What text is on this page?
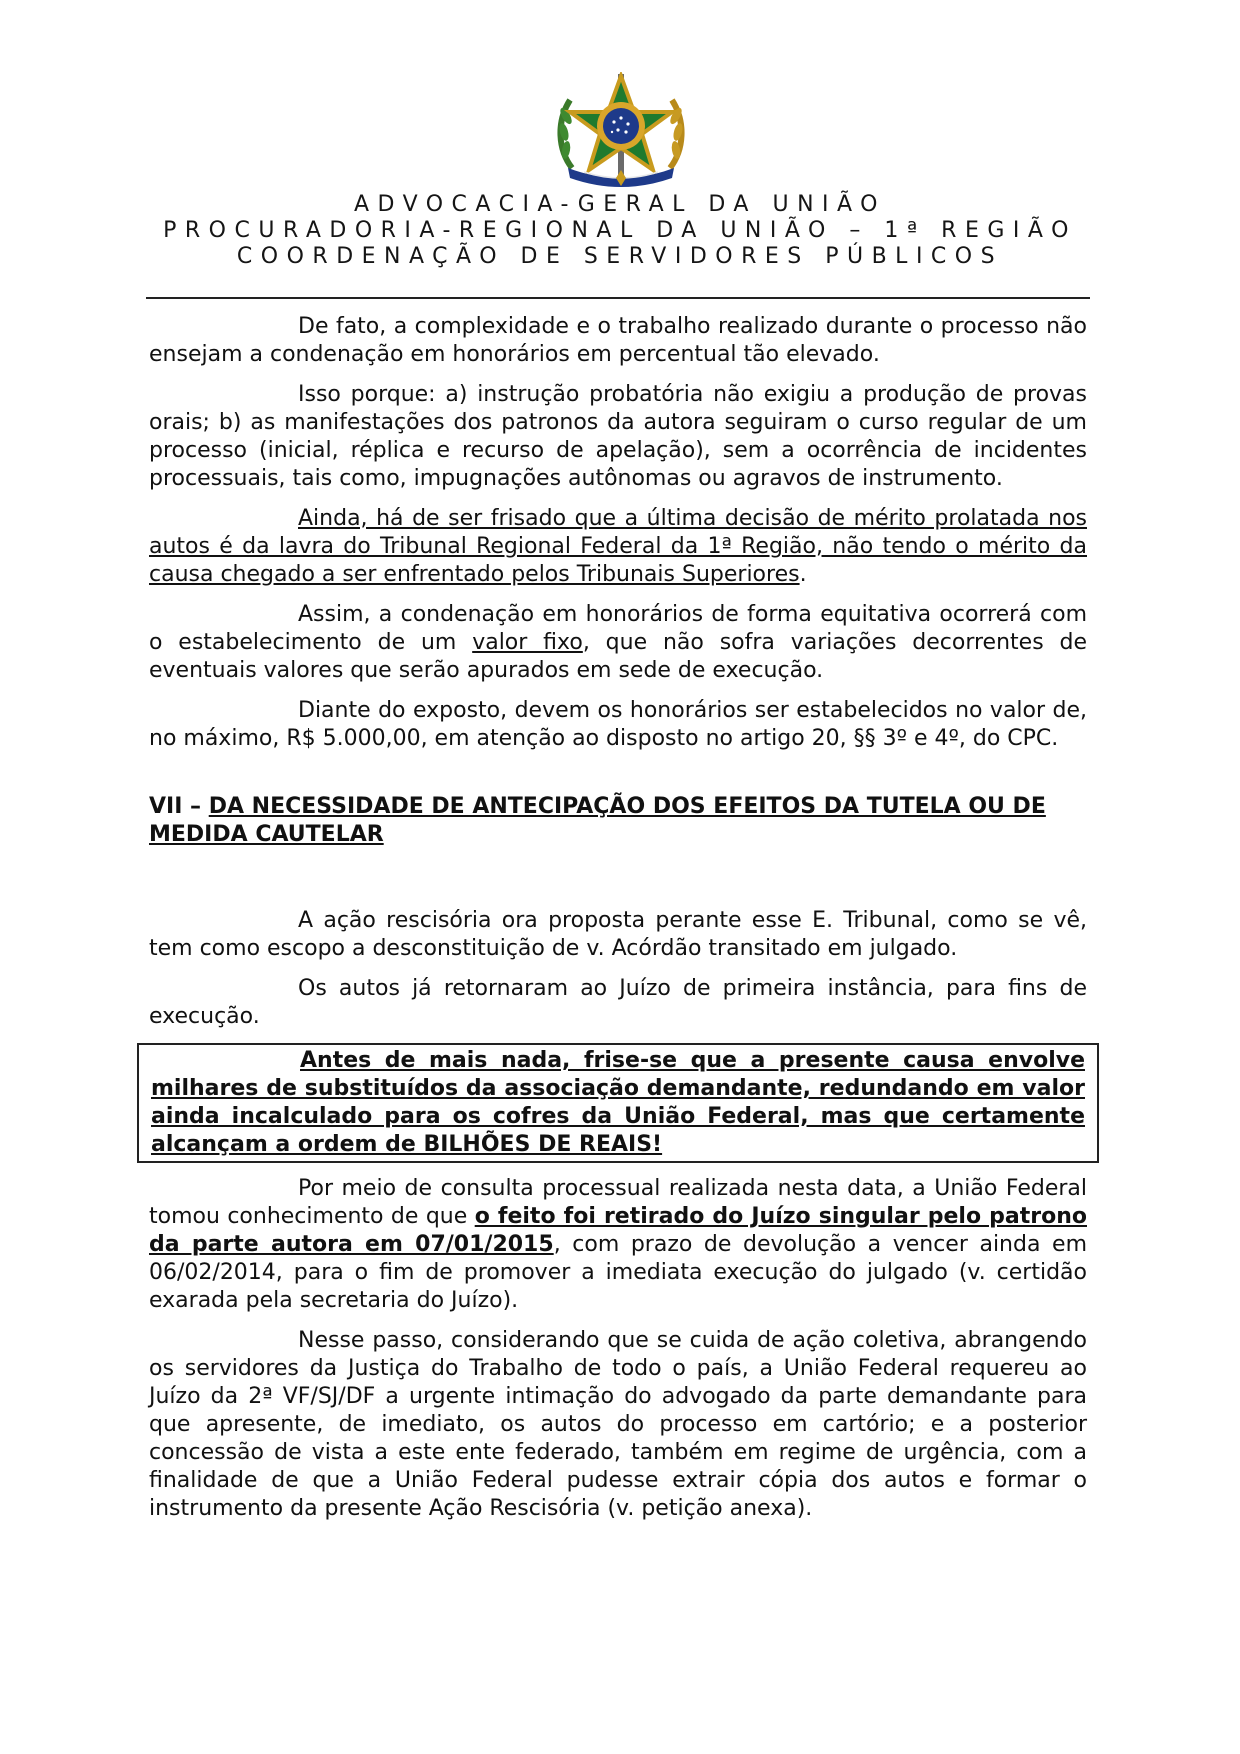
ADVOCACIA-GERAL DA UNIÃO
PROCURADORIA-REGIONAL DA UNIÃO – 1ª REGIÃO
COORDENAÇÃO DE SERVIDORES PÚBLICOS

De fato, a complexidade e o trabalho realizado durante o processo não ensejam a condenação em honorários em percentual tão elevado.

Isso porque: a) instrução probatória não exigiu a produção de provas orais; b) as manifestações dos patronos da autora seguiram o curso regular de um processo (inicial, réplica e recurso de apelação), sem a ocorrência de incidentes processuais, tais como, impugnações autônomas ou agravos de instrumento.

Ainda, há de ser frisado que a última decisão de mérito prolatada nos autos é da lavra do Tribunal Regional Federal da 1ª Região, não tendo o mérito da causa chegado a ser enfrentado pelos Tribunais Superiores.

Assim, a condenação em honorários de forma equitativa ocorrerá com o estabelecimento de um valor fixo, que não sofra variações decorrentes de eventuais valores que serão apurados em sede de execução.

Diante do exposto, devem os honorários ser estabelecidos no valor de, no máximo, R$ 5.000,00, em atenção ao disposto no artigo 20, §§ 3º e 4º, do CPC.

VII – DA NECESSIDADE DE ANTECIPAÇÃO DOS EFEITOS DA TUTELA OU DE MEDIDA CAUTELAR

A ação rescisória ora proposta perante esse E. Tribunal, como se vê, tem como escopo a desconstituição de v. Acórdão transitado em julgado.

Os autos já retornaram ao Juízo de primeira instância, para fins de execução.

Antes de mais nada, frise-se que a presente causa envolve milhares de substituídos da associação demandante, redundando em valor ainda incalculado para os cofres da União Federal, mas que certamente alcançam a ordem de BILHÕES DE REAIS!

Por meio de consulta processual realizada nesta data, a União Federal tomou conhecimento de que o feito foi retirado do Juízo singular pelo patrono da parte autora em 07/01/2015, com prazo de devolução a vencer ainda em 06/02/2014, para o fim de promover a imediata execução do julgado (v. certidão exarada pela secretaria do Juízo).

Nesse passo, considerando que se cuida de ação coletiva, abrangendo os servidores da Justiça do Trabalho de todo o país, a União Federal requereu ao Juízo da 2ª VF/SJ/DF a urgente intimação do advogado da parte demandante para que apresente, de imediato, os autos do processo em cartório; e a posterior concessão de vista a este ente federado, também em regime de urgência, com a finalidade de que a União Federal pudesse extrair cópia dos autos e formar o instrumento da presente Ação Rescisória (v. petição anexa).
